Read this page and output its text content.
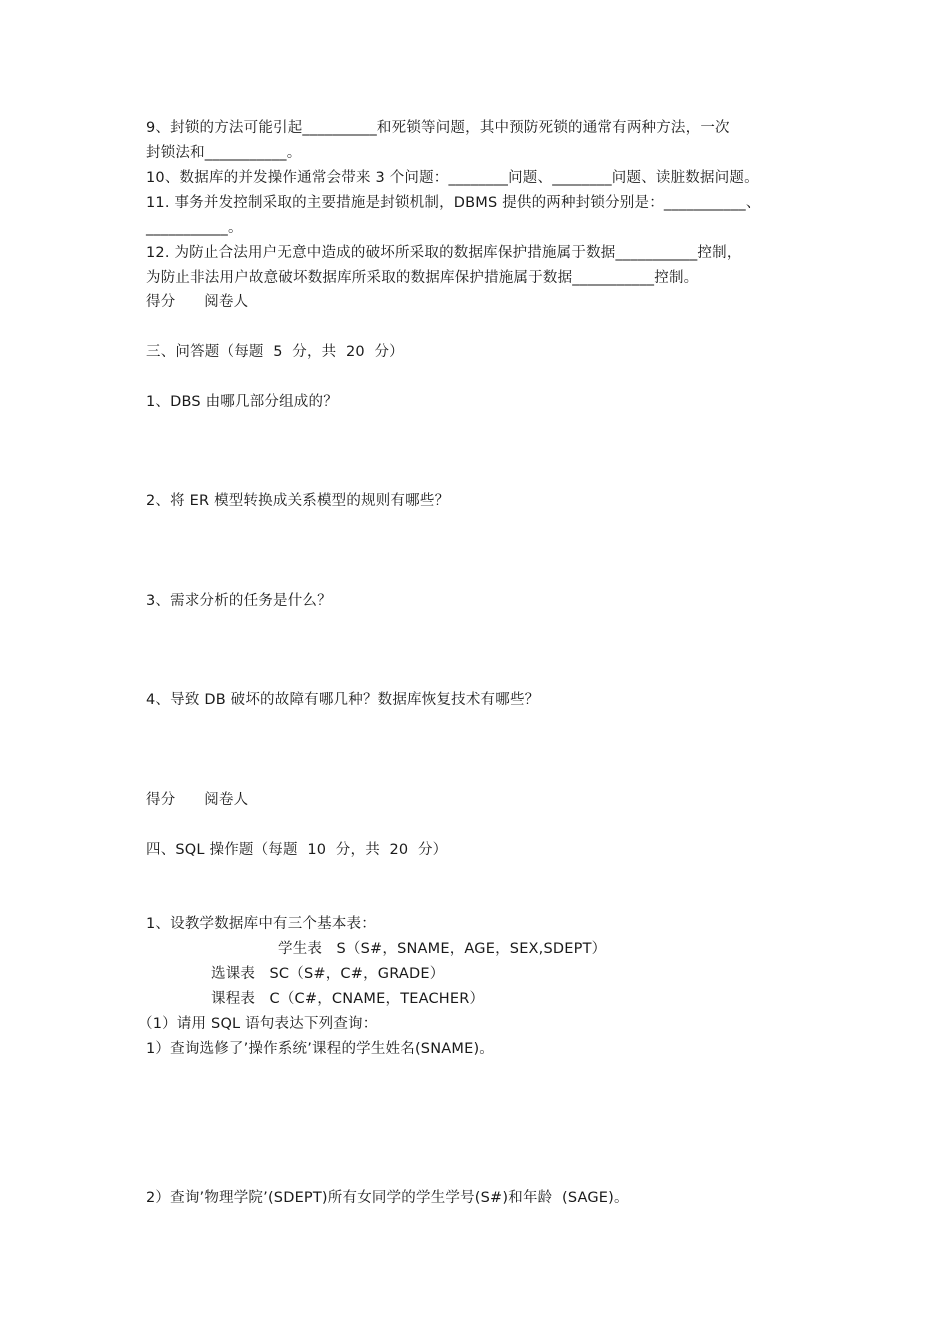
9、封锁的方法可能引起__________和死锁等问题，其中预防死锁的通常有两种方法，一次
封锁法和___________。
10、数据库的并发操作通常会带来 3 个问题：________问题、________问题、读脏数据问题。
11. 事务并发控制采取的主要措施是封锁机制，DBMS 提供的两种封锁分别是：___________、
___________。
12. 为防止合法用户无意中造成的破坏所采取的数据库保护措施属于数据___________控制，
为防止非法用户故意破坏数据库所采取的数据库保护措施属于数据___________控制。
得分      阅卷人
三、问答题（每题  5  分，共  20  分）
1、DBS 由哪几部分组成的？
2、将 ER 模型转换成关系模型的规则有哪些？
3、需求分析的任务是什么？
4、导致 DB 破坏的故障有哪几种？数据库恢复技术有哪些？
得分      阅卷人
四、SQL 操作题（每题  10  分，共  20  分）
1、设教学数据库中有三个基本表：
学生表   S（S#，SNAME，AGE，SEX,SDEPT）
选课表   SC（S#，C#，GRADE）
课程表   C（C#，CNAME，TEACHER）
（1）请用 SQL 语句表达下列查询：
1）查询选修了’操作系统’课程的学生姓名(SNAME)。
2）查询’物理学院’(SDEPT)所有女同学的学生学号(S#)和年龄  (SAGE)。
